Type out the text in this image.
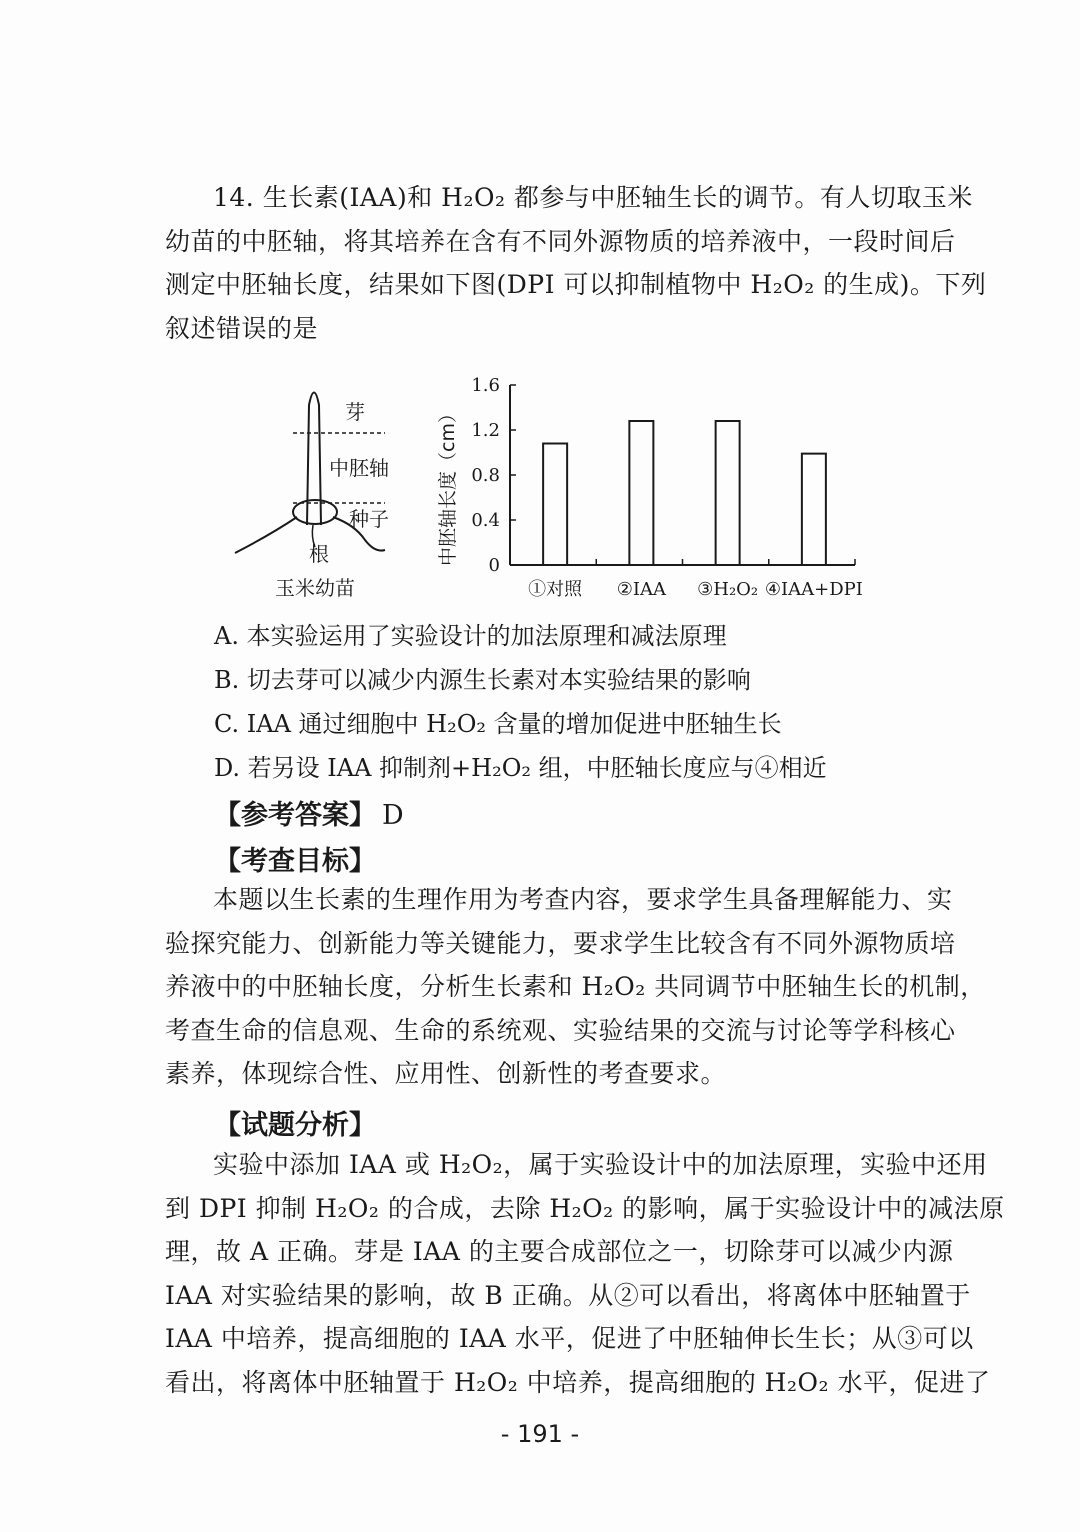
14. 生长素(IAA)和 H₂O₂ 都参与中胚轴生长的调节。有人切取玉米
幼苗的中胚轴，将其培养在含有不同外源物质的培养液中，一段时间后
测定中胚轴长度，结果如下图(DPI 可以抑制植物中 H₂O₂ 的生成)。下列
叙述错误的是
芽
中胚轴
种子
根
玉米幼苗
0
0.4
0.8
1.2
1.6
①对照 ②IAA ③H₂O₂ ④IAA+DPI
中胚轴长度（cm）
A. 本实验运用了实验设计的加法原理和减法原理
B. 切去芽可以减少内源生长素对本实验结果的影响
C. IAA 通过细胞中 H₂O₂ 含量的增加促进中胚轴生长
D. 若另设 IAA 抑制剂+H₂O₂ 组，中胚轴长度应与④相近
【参考答案】 D
【考查目标】
本题以生长素的生理作用为考查内容，要求学生具备理解能力、实
验探究能力、创新能力等关键能力，要求学生比较含有不同外源物质培
养液中的中胚轴长度，分析生长素和 H₂O₂ 共同调节中胚轴生长的机制，
考查生命的信息观、生命的系统观、实验结果的交流与讨论等学科核心
素养，体现综合性、应用性、创新性的考查要求。
【试题分析】
实验中添加 IAA 或 H₂O₂，属于实验设计中的加法原理，实验中还用
到 DPI 抑制 H₂O₂ 的合成，去除 H₂O₂ 的影响，属于实验设计中的减法原
理，故 A 正确。芽是 IAA 的主要合成部位之一，切除芽可以减少内源
IAA 对实验结果的影响，故 B 正确。从②可以看出，将离体中胚轴置于
IAA 中培养，提高细胞的 IAA 水平，促进了中胚轴伸长生长；从③可以
看出，将离体中胚轴置于 H₂O₂ 中培养，提高细胞的 H₂O₂ 水平，促进了
- 191 -
